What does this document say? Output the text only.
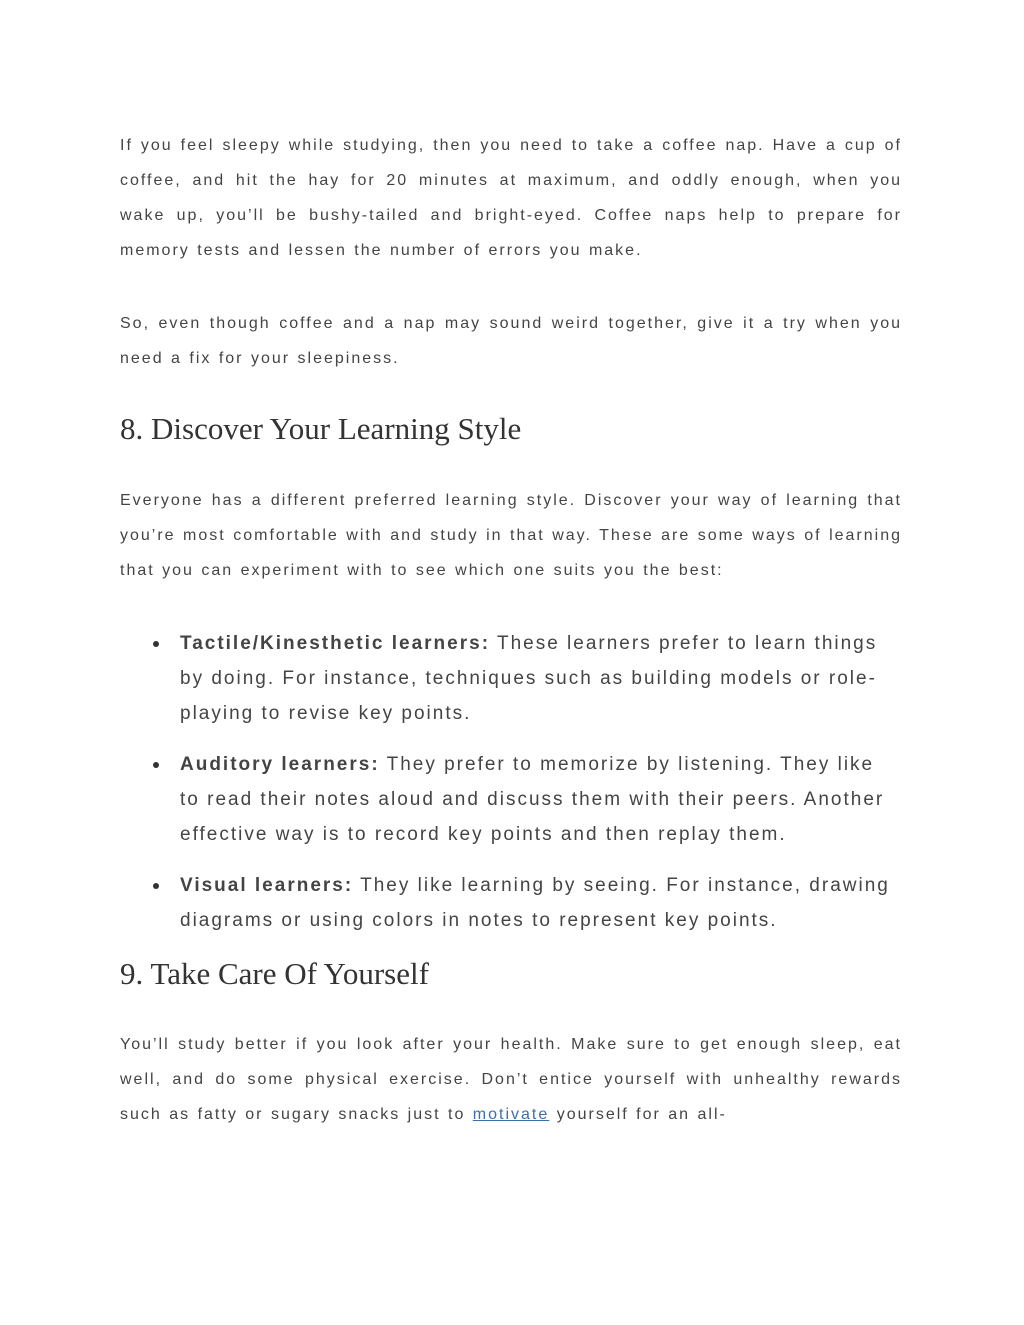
If you feel sleepy while studying, then you need to take a coffee nap. Have a cup of coffee, and hit the hay for 20 minutes at maximum, and oddly enough, when you wake up, you’ll be bushy-tailed and bright-eyed. Coffee naps help to prepare for memory tests and lessen the number of errors you make.

So, even though coffee and a nap may sound weird together, give it a try when you need a fix for your sleepiness.

8. Discover Your Learning Style

Everyone has a different preferred learning style. Discover your way of learning that you’re most comfortable with and study in that way. These are some ways of learning that you can experiment with to see which one suits you the best:

Tactile/Kinesthetic learners: These learners prefer to learn things by doing. For instance, techniques such as building models or role-playing to revise key points.
Auditory learners: They prefer to memorize by listening. They like to read their notes aloud and discuss them with their peers. Another effective way is to record key points and then replay them.
Visual learners: They like learning by seeing. For instance, drawing diagrams or using colors in notes to represent key points.
9. Take Care Of Yourself

You’ll study better if you look after your health. Make sure to get enough sleep, eat well, and do some physical exercise. Don’t entice yourself with unhealthy rewards such as fatty or sugary snacks just to motivate yourself for an all-
